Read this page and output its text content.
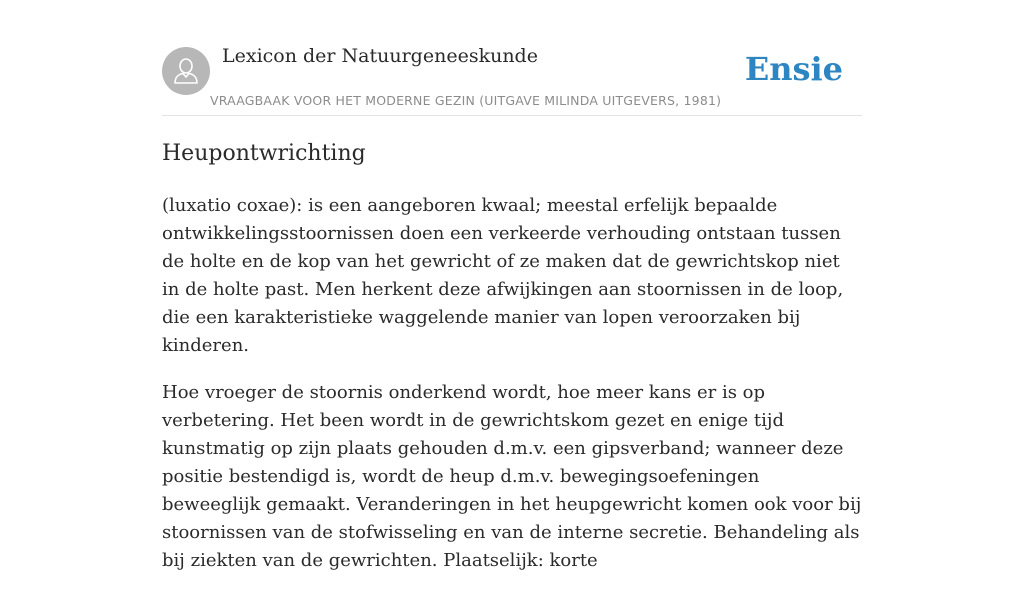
Lexicon der Natuurgeneeskunde
VRAAGBAAK VOOR HET MODERNE GEZIN (UITGAVE MILINDA UITGEVERS, 1981)
Ensie
Heupontwrichting

(luxatio coxae): is een aangeboren kwaal; meestal erfelijk bepaalde ontwikkelingsstoornissen doen een verkeerde verhouding ontstaan tussen de holte en de kop van het gewricht of ze maken dat de gewrichtskop niet in de holte past. Men herkent deze afwijkingen aan stoornissen in de loop, die een karakteristieke waggelende manier van lopen veroorzaken bij kinderen.

Hoe vroeger de stoornis onderkend wordt, hoe meer kans er is op verbetering. Het been wordt in de gewrichtskom gezet en enige tijd kunstmatig op zijn plaats gehouden d.m.v. een gipsverband; wanneer deze positie bestendigd is, wordt de heup d.m.v. bewegingsoefeningen beweeglijk gemaakt. Veranderingen in het heupgewricht komen ook voor bij stoornissen van de stofwisseling en van de interne secretie. Behandeling als bij ziekten van de gewrichten. Plaatselijk: korte
